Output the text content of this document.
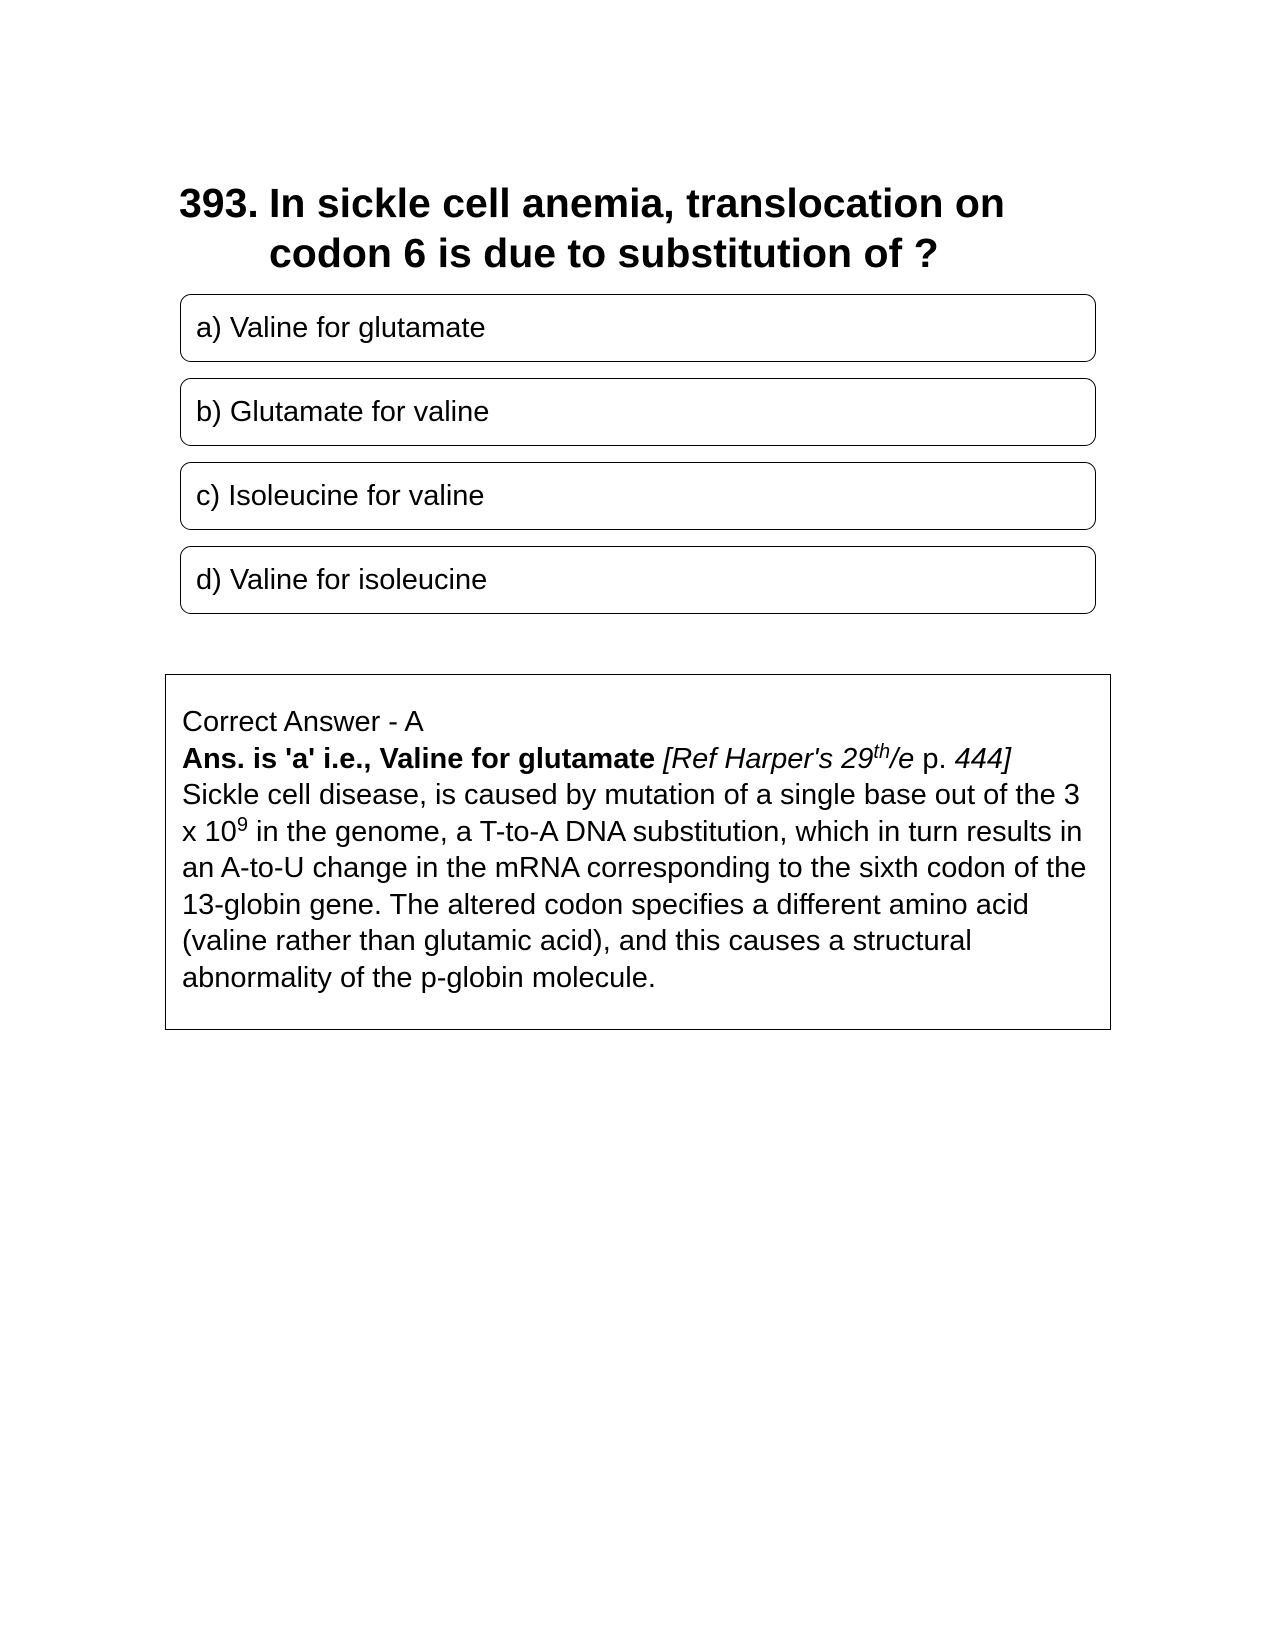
393. In sickle cell anemia, translocation on codon 6 is due to substitution of ?
a) Valine for glutamate
b) Glutamate for valine
c) Isoleucine for valine
d) Valine for isoleucine

Correct Answer - A

Ans. is 'a' i.e., Valine for glutamate [Ref Harper's 29th/e p. 444]

Sickle cell disease, is caused by mutation of a single base out of the 3 x $10^9$ in the genome, a T-to-A DNA substitution, which in turn results in an A-to-U change in the mRNA corresponding to the sixth codon of the 13-globin gene. The altered codon specifies a different amino acid (valine rather than glutamic acid), and this causes a structural abnormality of the p-globin molecule.
